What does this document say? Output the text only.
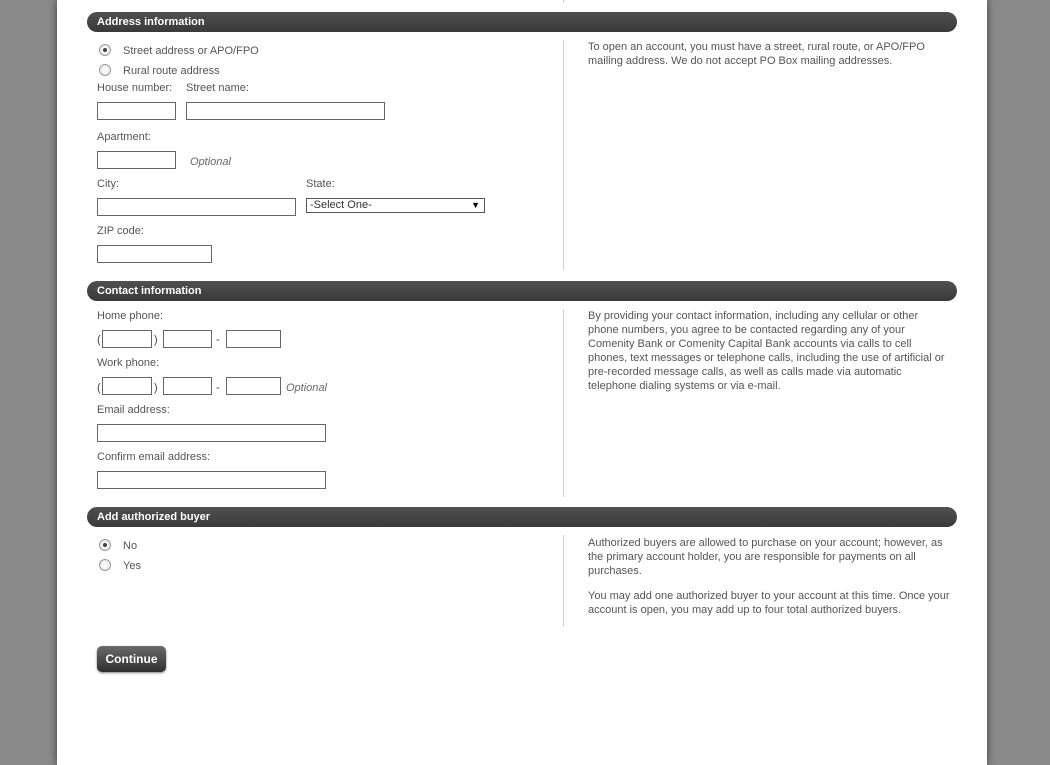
Address information
Street address or APO/FPO
Rural route address
House number: Street name:
Apartment:
Optional
City:	State:
-Select One-	▼
ZIP code:

To open an account, you must have a street, rural route, or APO/FPO mailing address. We do not accept PO Box mailing addresses.

Contact information
Home phone:
(	)	-
Work phone:
(	)	-	Optional
Email address:
Confirm email address:

By providing your contact information, including any cellular or other phone numbers, you agree to be contacted regarding any of your Comenity Bank or Comenity Capital Bank accounts via calls to cell phones, text messages or telephone calls, including the use of artificial or pre-recorded message calls, as well as calls made via automatic telephone dialing systems or via e-mail.

Add authorized buyer
No
Yes

Authorized buyers are allowed to purchase on your account; however, as the primary account holder, you are responsible for payments on all purchases.

You may add one authorized buyer to your account at this time. Once your account is open, you may add up to four total authorized buyers.

Continue
